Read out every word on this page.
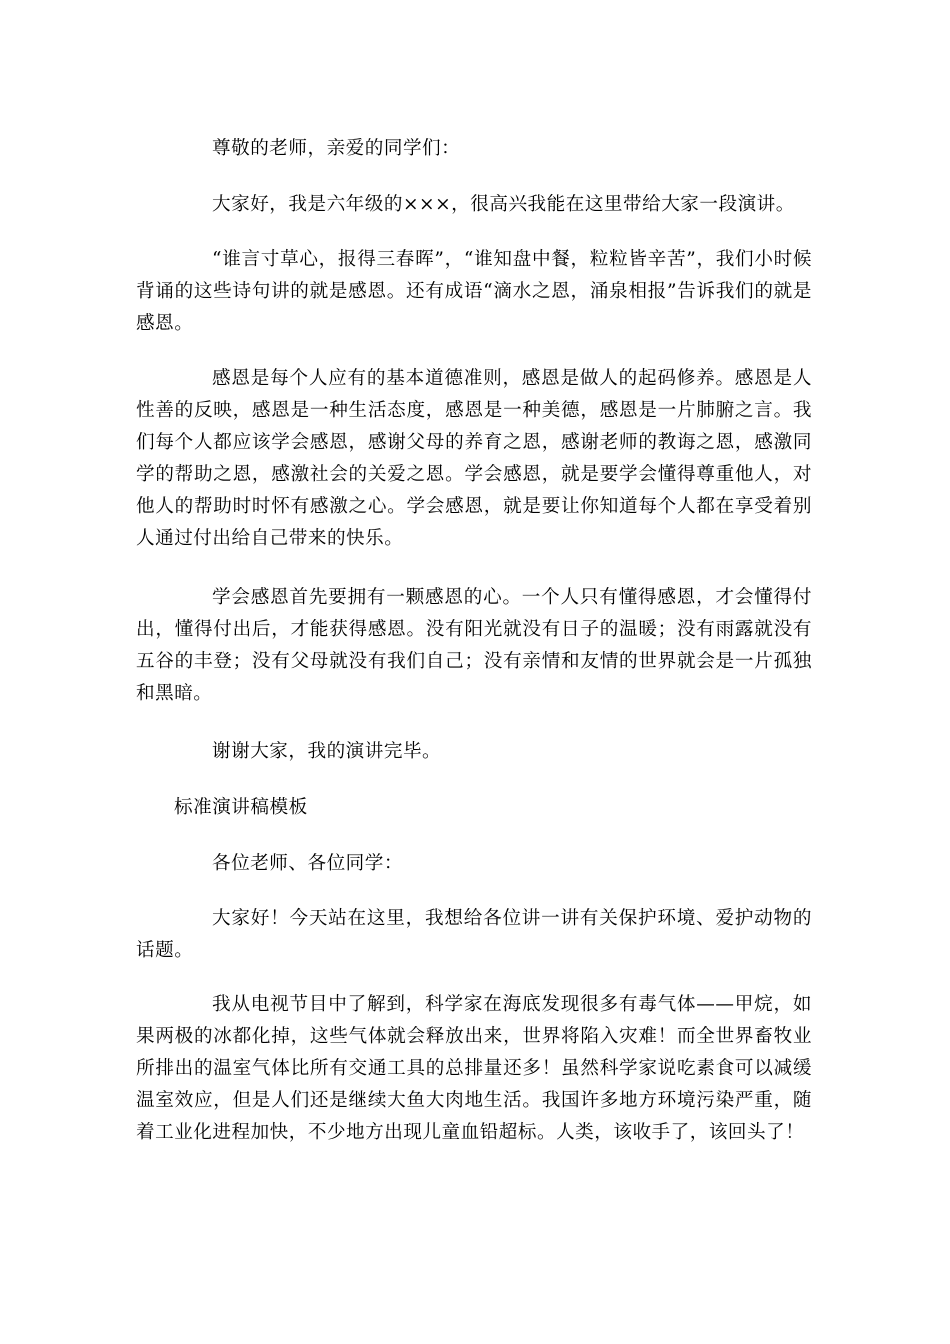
尊敬的老师，亲爱的同学们：

大家好，我是六年级的×××，很高兴我能在这里带给大家一段演讲。

“谁言寸草心，报得三春晖”，“谁知盘中餐，粒粒皆辛苦”，我们小时候背诵的这些诗句讲的就是感恩。还有成语“滴水之恩，涌泉相报”告诉我们的就是感恩。

感恩是每个人应有的基本道德准则，感恩是做人的起码修养。感恩是人性善的反映，感恩是一种生活态度，感恩是一种美德，感恩是一片肺腑之言。我们每个人都应该学会感恩，感谢父母的养育之恩，感谢老师的教诲之恩，感激同学的帮助之恩，感激社会的关爱之恩。学会感恩，就是要学会懂得尊重他人，对他人的帮助时时怀有感激之心。学会感恩，就是要让你知道每个人都在享受着别人通过付出给自己带来的快乐。

学会感恩首先要拥有一颗感恩的心。一个人只有懂得感恩，才会懂得付出，懂得付出后，才能获得感恩。没有阳光就没有日子的温暖；没有雨露就没有五谷的丰登；没有父母就没有我们自己；没有亲情和友情的世界就会是一片孤独和黑暗。

谢谢大家，我的演讲完毕。

标准演讲稿模板

各位老师、各位同学：

大家好！今天站在这里，我想给各位讲一讲有关保护环境、爱护动物的话题。

我从电视节目中了解到，科学家在海底发现很多有毒气体——甲烷，如果两极的冰都化掉，这些气体就会释放出来，世界将陷入灾难！而全世界畜牧业所排出的温室气体比所有交通工具的总排量还多！虽然科学家说吃素食可以减缓温室效应，但是人们还是继续大鱼大肉地生活。我国许多地方环境污染严重，随着工业化进程加快，不少地方出现儿童血铅超标。人类，该收手了，该回头了！
